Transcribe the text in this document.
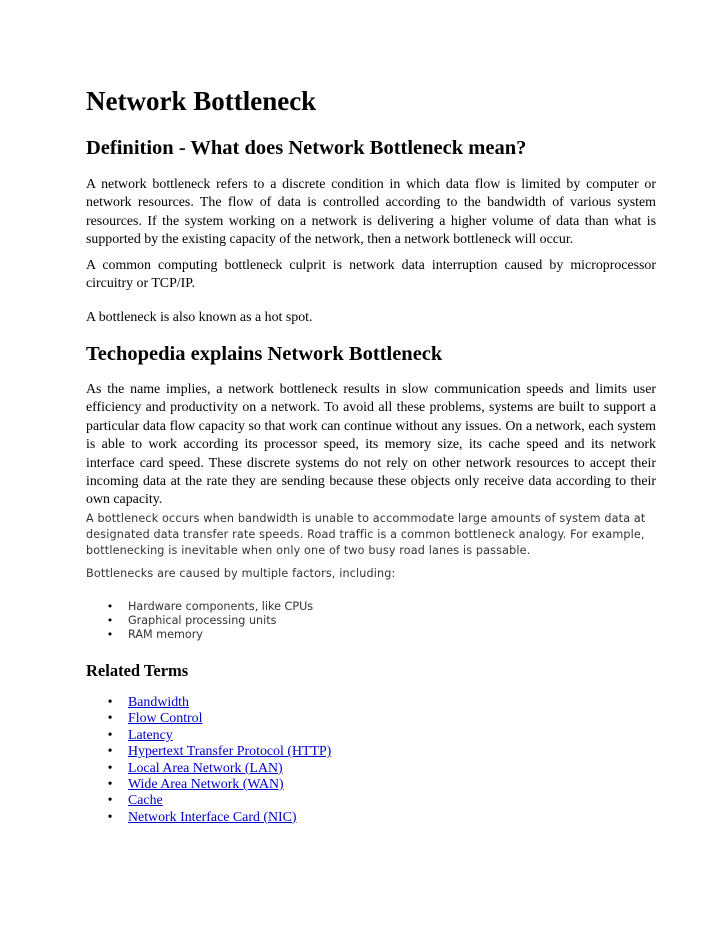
Network Bottleneck
Definition - What does Network Bottleneck mean?

A network bottleneck refers to a discrete condition in which data flow is limited by computer or network resources. The flow of data is controlled according to the bandwidth of various system resources. If the system working on a network is delivering a higher volume of data than what is supported by the existing capacity of the network, then a network bottleneck will occur.

A common computing bottleneck culprit is network data interruption caused by microprocessor circuitry or TCP/IP.

A bottleneck is also known as a hot spot.

Techopedia explains Network Bottleneck

As the name implies, a network bottleneck results in slow communication speeds and limits user efficiency and productivity on a network. To avoid all these problems, systems are built to support a particular data flow capacity so that work can continue without any issues. On a network, each system is able to work according its processor speed, its memory size, its cache speed and its network interface card speed. These discrete systems do not rely on other network resources to accept their incoming data at the rate they are sending because these objects only receive data according to their own capacity.

A bottleneck occurs when bandwidth is unable to accommodate large amounts of system data at designated data transfer rate speeds. Road traffic is a common bottleneck analogy. For example, bottlenecking is inevitable when only one of two busy road lanes is passable.

Bottlenecks are caused by multiple factors, including:

• Hardware components, like CPUs
• Graphical processing units
• RAM memory
Related Terms
• Bandwidth
• Flow Control
• Latency
• Hypertext Transfer Protocol (HTTP)
• Local Area Network (LAN)
• Wide Area Network (WAN)
• Cache
• Network Interface Card (NIC)
